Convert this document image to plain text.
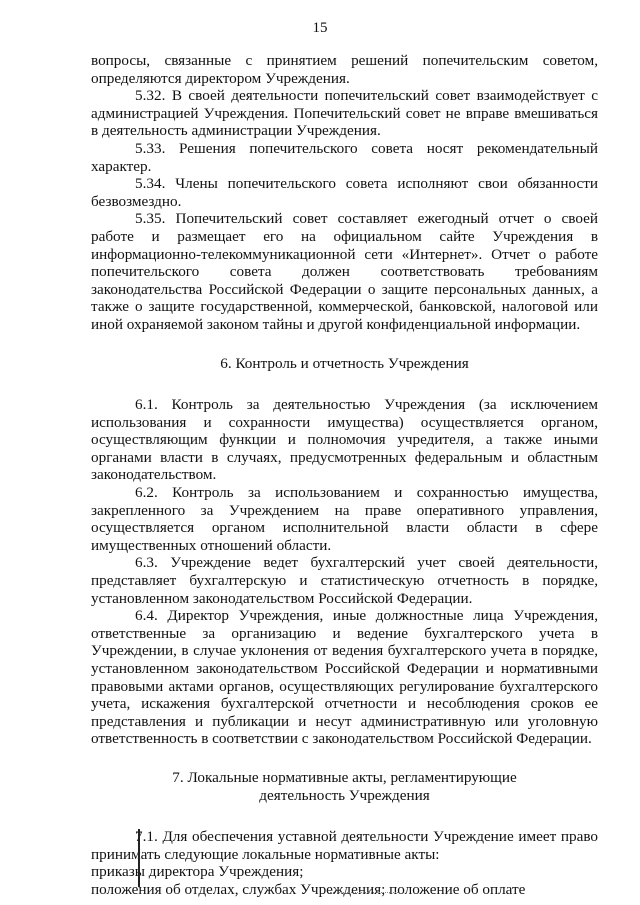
15

вопросы, связанные с принятием решений попечительским советом, определяются директором Учреждения.

5.32. В своей деятельности попечительский совет взаимодействует с администрацией Учреждения. Попечительский совет не вправе вмешиваться в деятельность администрации Учреждения.

5.33. Решения попечительского совета носят рекомендательный характер.

5.34. Члены попечительского совета исполняют свои обязанности безвозмездно.

5.35. Попечительский совет составляет ежегодный отчет о своей работе и размещает его на официальном сайте Учреждения в информационно-телекоммуникационной сети «Интернет». Отчет о работе попечительского совета должен соответствовать требованиям законодательства Российской Федерации о защите персональных данных, а также о защите государственной, коммерческой, банковской, налоговой или иной охраняемой законом тайны и другой конфиденциальной информации.

6. Контроль и отчетность Учреждения

6.1. Контроль за деятельностью Учреждения (за исключением использования и сохранности имущества) осуществляется органом, осуществляющим функции и полномочия учредителя, а также иными органами власти в случаях, предусмотренных федеральным и областным законодательством.

6.2. Контроль за использованием и сохранностью имущества, закрепленного за Учреждением на праве оперативного управления, осуществляется органом исполнительной власти области в сфере имущественных отношений области.

6.3. Учреждение ведет бухгалтерский учет своей деятельности, представляет бухгалтерскую и статистическую отчетность в порядке, установленном законодательством Российской Федерации.

6.4. Директор Учреждения, иные должностные лица Учреждения, ответственные за организацию и ведение бухгалтерского учета в Учреждении, в случае уклонения от ведения бухгалтерского учета в порядке, установленном законодательством Российской Федерации и нормативными правовыми актами органов, осуществляющих регулирование бухгалтерского учета, искажения бухгалтерской отчетности и несоблюдения сроков ее представления и публикации и несут административную или уголовную ответственность в соответствии с законодательством Российской Федерации.

7. Локальные нормативные акты, регламентирующие

деятельность Учреждения

7.1. Для обеспечения уставной деятельности Учреждение имеет право принимать следующие локальные нормативные акты:

приказы директора Учреждения;

положения об отделах, службах Учреждения; положение об оплате
